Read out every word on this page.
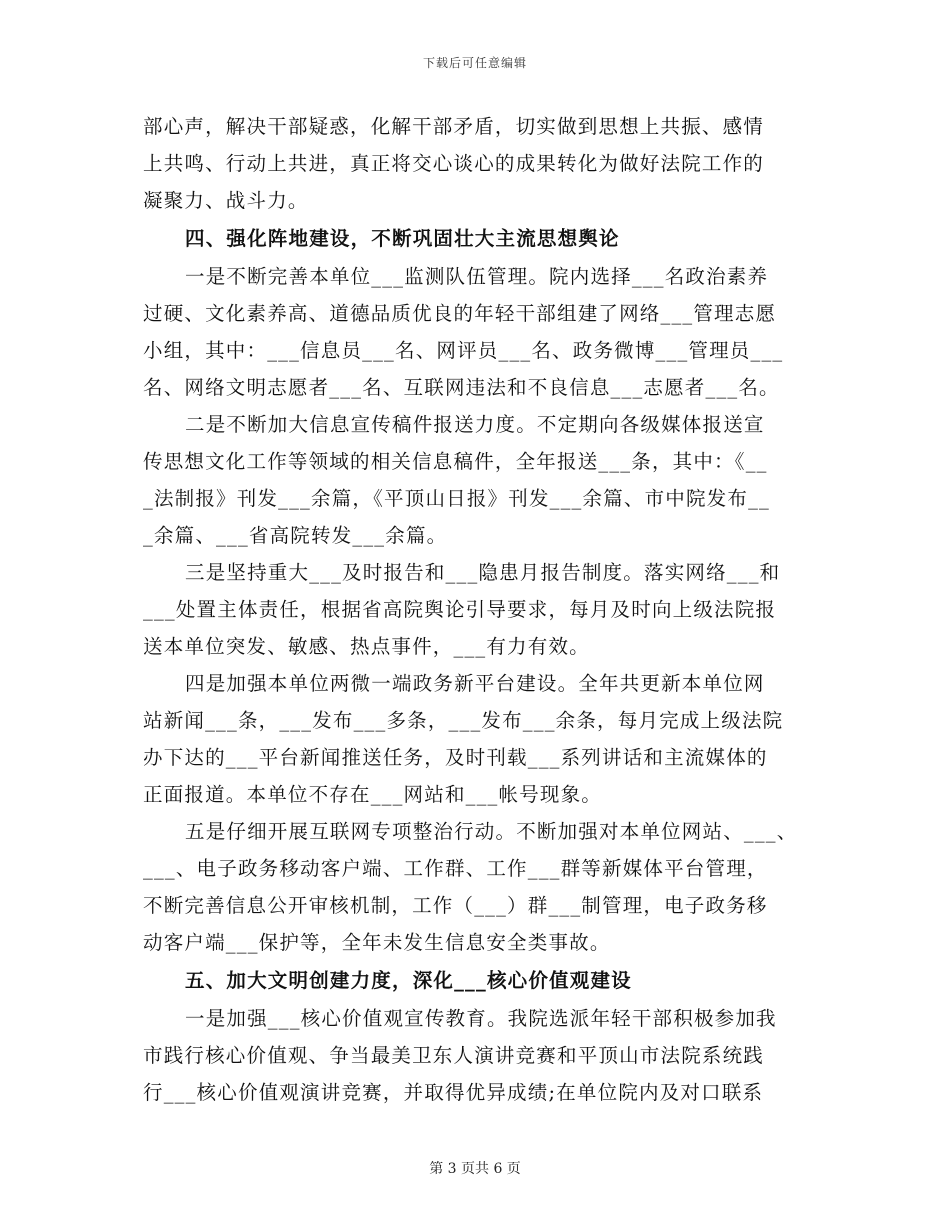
下载后可任意编辑
部心声，解决干部疑惑，化解干部矛盾，切实做到思想上共振、感情
上共鸣、行动上共进，真正将交心谈心的成果转化为做好法院工作的
凝聚力、战斗力。
四、强化阵地建设，不断巩固壮大主流思想舆论
一是不断完善本单位___监测队伍管理。院内选择___名政治素养
过硬、文化素养高、道德品质优良的年轻干部组建了网络___管理志愿
小组，其中：___信息员___名、网评员___名、政务微博___管理员___
名、网络文明志愿者___名、互联网违法和不良信息___志愿者___名。
二是不断加大信息宣传稿件报送力度。不定期向各级媒体报送宣
传思想文化工作等领域的相关信息稿件，全年报送___条，其中：《__
_法制报》刊发___余篇，《平顶山日报》刊发___余篇、市中院发布__
_余篇、___省高院转发___余篇。
三是坚持重大___及时报告和___隐患月报告制度。落实网络___和
___处置主体责任，根据省高院舆论引导要求，每月及时向上级法院报
送本单位突发、敏感、热点事件，___有力有效。
四是加强本单位两微一端政务新平台建设。全年共更新本单位网
站新闻___条，___发布___多条，___发布___余条，每月完成上级法院
办下达的___平台新闻推送任务，及时刊载___系列讲话和主流媒体的
正面报道。本单位不存在___网站和___帐号现象。
五是仔细开展互联网专项整治行动。不断加强对本单位网站、___、
___、电子政务移动客户端、工作群、工作___群等新媒体平台管理，
不断完善信息公开审核机制，工作（___）群___制管理，电子政务移
动客户端___保护等，全年未发生信息安全类事故。
五、加大文明创建力度，深化___核心价值观建设
一是加强___核心价值观宣传教育。我院选派年轻干部积极参加我
市践行核心价值观、争当最美卫东人演讲竞赛和平顶山市法院系统践
行___核心价值观演讲竞赛，并取得优异成绩;在单位院内及对口联系
第 3 页共 6 页
